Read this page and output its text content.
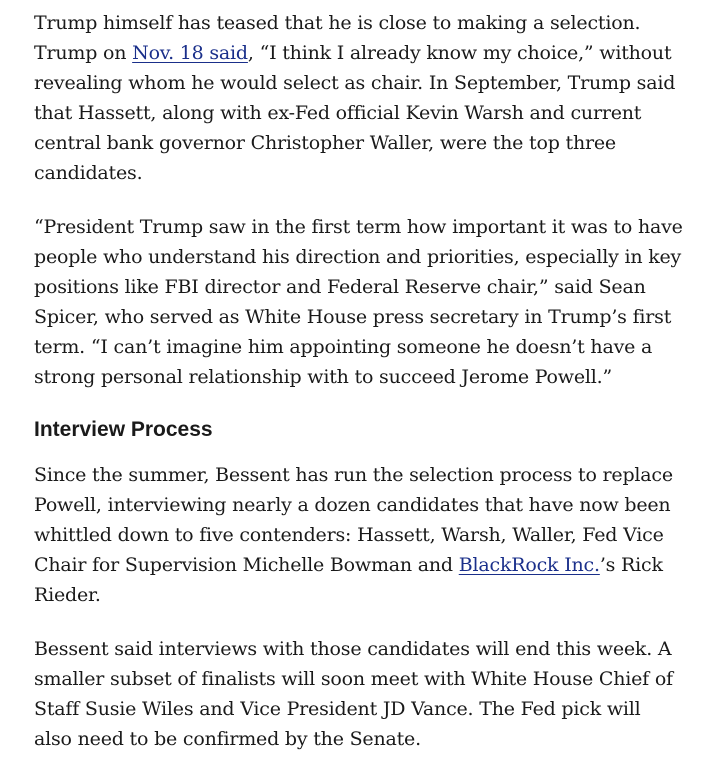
Trump himself has teased that he is close to making a selection. Trump on Nov. 18 said, “I think I already know my choice,” without revealing whom he would select as chair. In September, Trump said that Hassett, along with ex-Fed official Kevin Warsh and current central bank governor Christopher Waller, were the top three candidates.

“President Trump saw in the first term how important it was to have people who understand his direction and priorities, especially in key positions like FBI director and Federal Reserve chair,” said Sean Spicer, who served as White House press secretary in Trump’s first term. “I can’t imagine him appointing someone he doesn’t have a strong personal relationship with to succeed Jerome Powell.”

Interview Process

Since the summer, Bessent has run the selection process to replace Powell, interviewing nearly a dozen candidates that have now been whittled down to five contenders: Hassett, Warsh, Waller, Fed Vice Chair for Supervision Michelle Bowman and BlackRock Inc.’s Rick Rieder.

Bessent said interviews with those candidates will end this week. A smaller subset of finalists will soon meet with White House Chief of Staff Susie Wiles and Vice President JD Vance. The Fed pick will also need to be confirmed by the Senate.
